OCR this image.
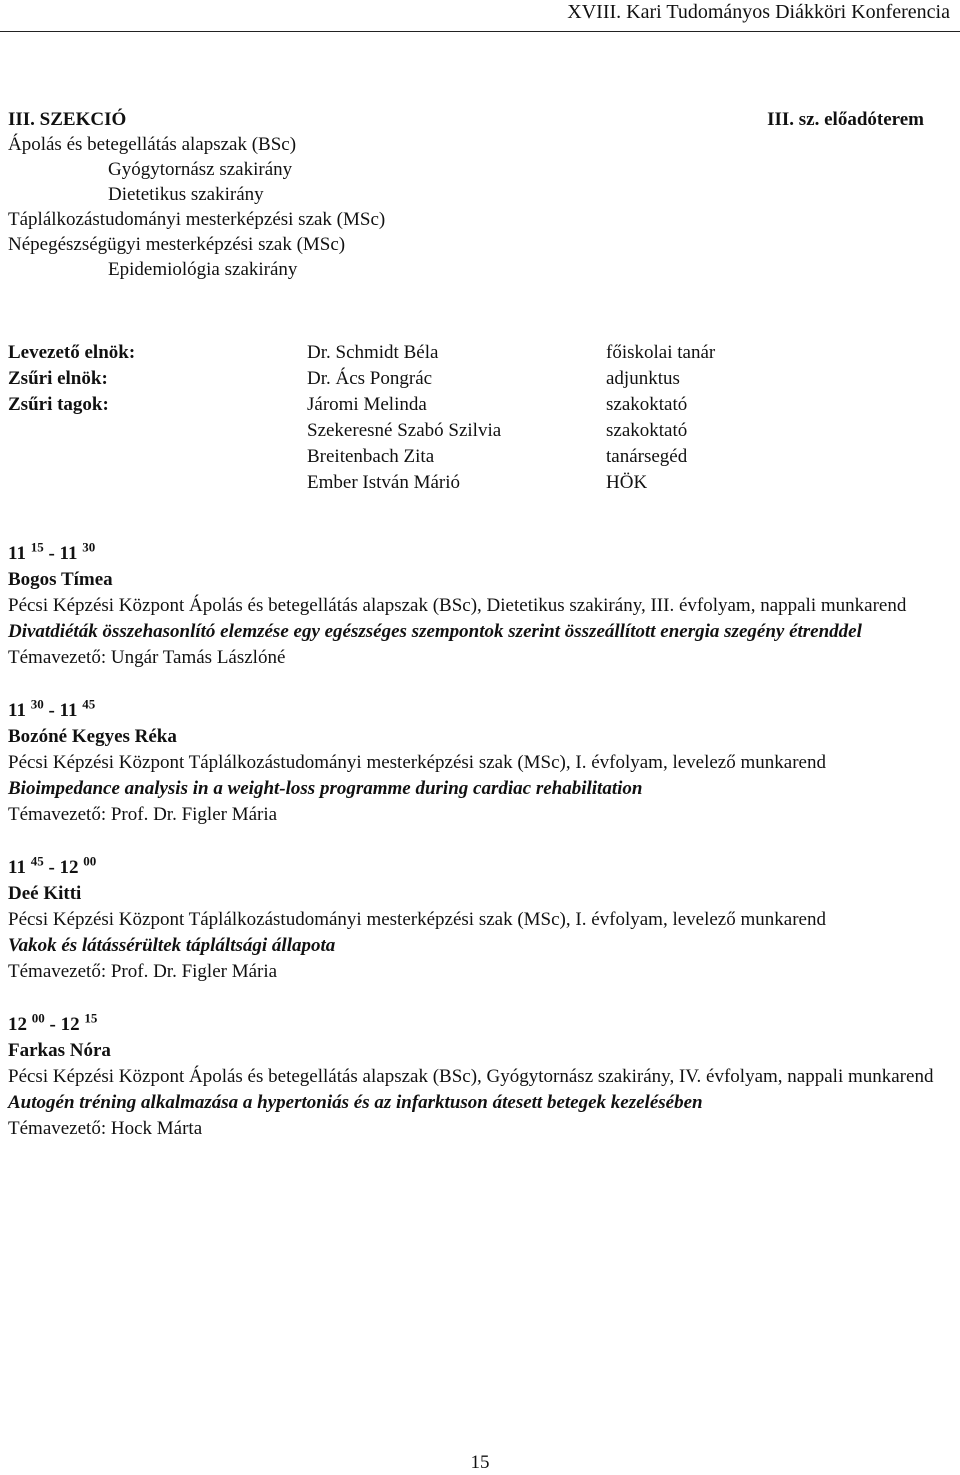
XVIII. Kari Tudományos Diákköri Konferencia
III. sz. előadóterem
III. SZEKCIÓ
Ápolás és betegellátás alapszak (BSc)
Gyógytornász szakirány
Dietetikus szakirány
Táplálkozástudományi mesterképzési szak (MSc)
Népegészségügyi mesterképzési szak (MSc)
Epidemiológia szakirány
Levezető elnök:	Dr. Schmidt Béla	főiskolai tanár
Zsűri elnök:	Dr. Ács Pongrác	adjunktus
Zsűri tagok:	Járomi Melinda	szakoktató
Szekeresné Szabó Szilvia	szakoktató
Breitenbach Zita	tanársegéd
Ember István Márió	HÖK
11 $^{15}$ - 11 $^{30}$
Bogos Tímea
Pécsi Képzési Központ Ápolás és betegellátás alapszak (BSc), Dietetikus szakirány, III. évfolyam, nappali munkarend
Divatdiéták összehasonlító elemzése egy egészséges szempontok szerint összeállított energia szegény étrenddel
Témavezető: Ungár Tamás Lászlóné
11 $^{30}$ - 11 $^{45}$
Bozóné Kegyes Réka
Pécsi Képzési Központ Táplálkozástudományi mesterképzési szak (MSc), I. évfolyam, levelező munkarend
Bioimpedance analysis in a weight-loss programme during cardiac rehabilitation
Témavezető: Prof. Dr. Figler Mária
11 $^{45}$ - 12 $^{00}$
Deé Kitti
Pécsi Képzési Központ Táplálkozástudományi mesterképzési szak (MSc), I. évfolyam, levelező munkarend
Vakok és látássérültek tápláltsági állapota
Témavezető: Prof. Dr. Figler Mária
12 $^{00}$ - 12 $^{15}$
Farkas Nóra
Pécsi Képzési Központ Ápolás és betegellátás alapszak (BSc), Gyógytornász szakirány, IV. évfolyam, nappali munkarend
Autogén tréning alkalmazása a hypertoniás és az infarktuson átesett betegek kezelésében
Témavezető: Hock Márta
15
